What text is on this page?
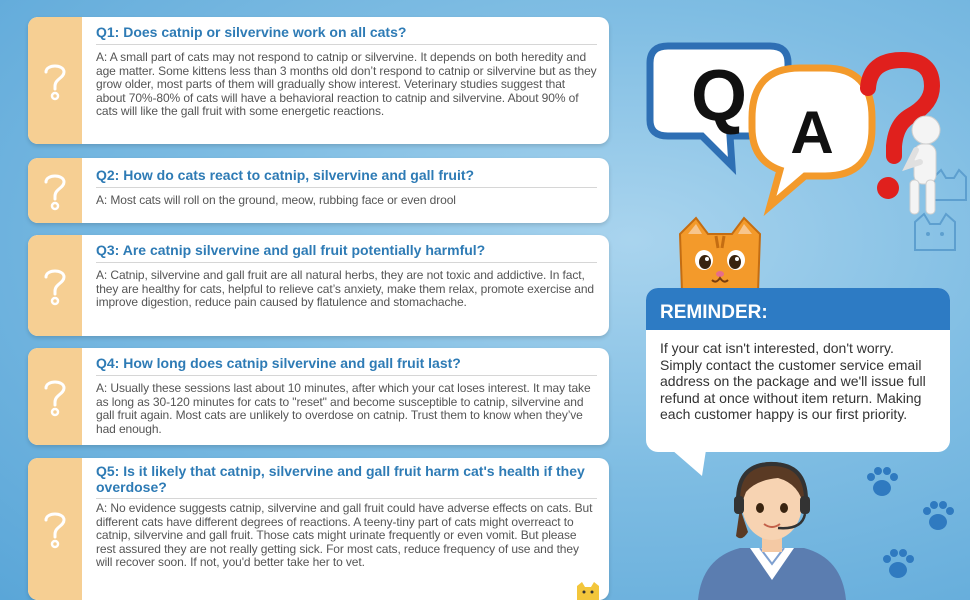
Q1: Does catnip or silvervine work on all cats?
A: A small part of cats may not respond to catnip or silvervine. It depends on both heredity and age matter. Some kittens less than 3 months old don’t respond to catnip or silvervine but as they grow older, most parts of them will gradually show interest. Veterinary studies suggest that about 70%-80% of cats will have a behavioral reaction to catnip and silvervine. About 90% of cats will like the gall fruit with some energetic reactions.
Q2: How do cats react to catnip, silvervine and gall fruit?
A: Most cats will roll on the ground, meow, rubbing face or even drool
Q3: Are catnip silvervine and gall fruit potentially harmful?
A: Catnip, silvervine and gall fruit are all natural herbs, they are not toxic and addictive. In fact, they are healthy for cats, helpful to relieve cat’s anxiety, make them relax, promote exercise and improve digestion, reduce pain caused by flatulence and stomachache.
Q4: How long does catnip silvervine and gall fruit last?
A: Usually these sessions last about 10 minutes, after which your cat loses interest. It may take as long as 30-120 minutes for cats to "reset" and become susceptible to catnip, silvervine and gall fruit again. Most cats are unlikely to overdose on catnip. Trust them to know when they’ve had enough.
Q5: Is it likely that catnip, silvervine and gall fruit harm cat's health if they overdose?
A: No evidence suggests catnip, silvervine and gall fruit could have adverse effects on cats. But different cats have different degrees of reactions. A teeny-tiny part of cats might overreact to catnip, silvervine and gall fruit. Those cats might urinate frequently or even vomit. But please rest assured they are not really getting sick. For most cats, reduce frequency of use and they will recover soon. If not, you'd better take her to vet.
Q A
REMINDER:
If your cat isn't interested, don't worry. Simply contact the customer service email address on the package and we'll issue full refund at once without item return. Making each customer happy is our first priority.
